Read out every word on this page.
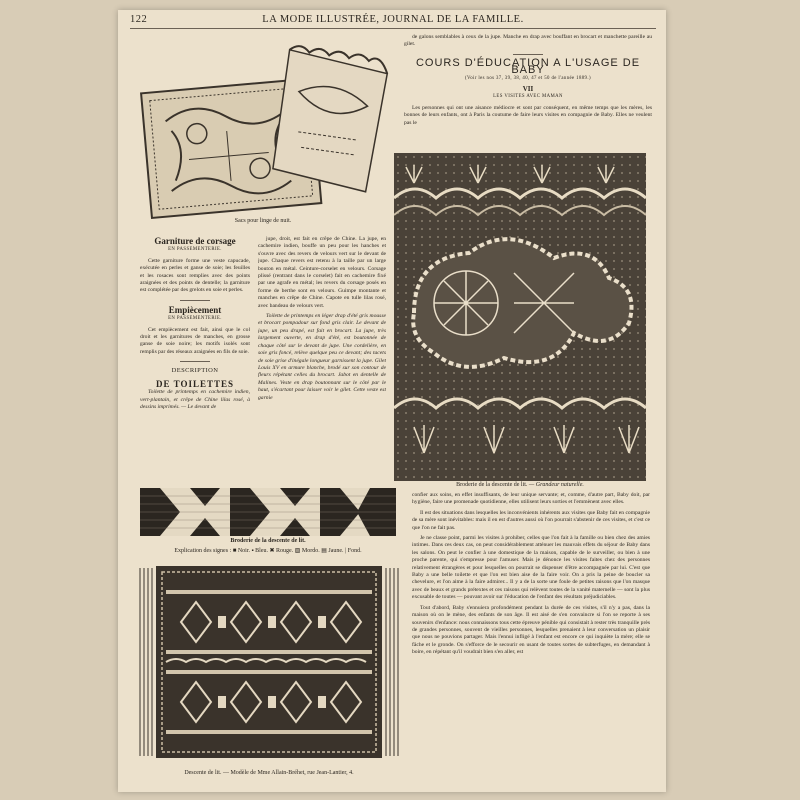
122	LA MODE ILLUSTRÉE, JOURNAL DE LA FAMILLE.
Sacs pour linge de nuit.
Garniture de corsage
EN PASSEMENTERIE.

Cette garniture forme une veste capucade, exécutée en perles et ganse de soie; les feuilles et les rosaces sont remplies avec des points araignées et des points de dentelle; la garniture est complétée par des grelots en soie et perles.

Empiècement
EN PASSEMENTERIE.

Cet empiècement est fait, ainsi que le col droit et les garnitures de manches, en grosse ganse de soie noire; les motifs isolés sont remplis par des réseaux araignées en fils de soie.

DESCRIPTION
DE TOILETTES

Toilette de printemps en cachemire indien, vert-plantain, et crêpe de Chine lilas rosé, à dessins imprimés. — Le devant de

jupe, droit, est fait en crêpe de Chine. La jupe, en cachemire indien, bouffe un peu pour les hanches et s'ouvre avec des revers de velours vert sur le devant de jupe. Chaque revers est retenu à la taille par un large bouton en métal. Ceinture-corselet en velours. Corsage plissé (rentrant dans le corselet) fait en cachemire fixé par une agrafe en métal; les revers du corsage posés en forme de berthe sont en velours. Guimpe montante et manches en crêpe de Chine. Capote en tulle lilas rosé, avec bandeau de velours vert.

Toilette de printemps en léger drap d'été gris mousse et brocart pompadour sur fond gris clair. Le devant de jupe, un peu drapé, est fait en brocart. La jupe, très largement ouverte, en drap d'été, est boutonnée de chaque côté sur le devant de jupe. Une cordelière, en soie gris foncé, relève quelque peu ce devant; des tacets de soie grise d'inégale longueur garnissent la jupe. Gilet Louis XV en armure blanche, brodé sur son contour de fleurs répétant celles du brocart. Jabot en dentelle de Malines. Veste en drap boutonnant sur le côté par le haut, s'écartant pour laisser voir le gilet. Cette veste est garnie

de galons semblables à ceux de la jupe. Manche en drap avec bouffant en brocart et manchette pareille au gilet.

COURS D'ÉDUCATION A L'USAGE DE BABY
(Voir les nos 37, 39, 38, 40, 47 et 50 de l'année 1889.)
VII
LES VISITES AVEC MAMAN

Les personnes qui ont une aisance médiocre et sont par conséquent, en même temps que les mères, les bonnes de leurs enfants, ont à Paris la coutume de faire leurs visites en compagnie de Baby. Elles ne veulent pas le

Broderie de la descente de lit. — Grandeur naturelle.
Broderie de la descente de lit.
Explication des signes : ■ Noir. ▪ Bleu. ✖ Rouge. ▨ Mordo. ▤ Jaune. | Fond.
Descente de lit. — Modèle de Mme Allain-Bréhet, rue Jean-Lantier, 4.

confier aux soins, en effet insuffisants, de leur unique servante; et, comme, d'autre part, Baby doit, par hygiène, faire une promenade quotidienne, elles utilisent leurs sorties et l'emmènent avec elles.

Il est des situations dans lesquelles les inconvénients inhérents aux visites que Baby fait en compagnie de sa mère sont inévitables: mais il en est d'autres aussi où l'on pourrait s'abstenir de ces visites, et c'est ce que l'on ne fait pas.

Je ne classe point, parmi les visites à prohiber, celles que l'on fait à la famille ou bien chez des amies intimes. Dans ces deux cas, on peut considérablement atténuer les mauvais effets du séjour de Baby dans les salons. On peut le confier à une domestique de la maison, capable de le surveiller, ou bien à une proche parente, qui s'empresse pour l'amuser. Mais je dénonce les visites faites chez des personnes relativement étrangères et pour lesquelles on pourrait se dispenser d'être accompagnée par lui. C'est que Baby a une belle toilette et que l'on est bien aise de la faire voir. On a pris la peine de boucler sa chevelure, et l'on aime à la faire admirer... Il y a de la sorte une foule de petites raisons que l'on masque avec de beaux et grands prétextes et ces raisons qui relèvent toutes de la vanité maternelle — sont la plus excusable de toutes — pouvant avoir sur l'éducation de l'enfant des résultats préjudiciables.

Tout d'abord, Baby s'ennuiera profondément pendant la durée de ces visites, s'il n'y a pas, dans la maison où on le mène, des enfants de son âge. Il est aisé de s'en convaincre si l'on se reporte à ses souvenirs d'enfance: nous connaissons tous cette épreuve pénible qui consistait à rester très tranquille près de grandes personnes, souvent de vieilles personnes, lesquelles prenaient à leur conversation un plaisir que nous ne pouvions partager. Mais l'ennui infligé à l'enfant est encore ce qui inquiète la mère; elle se fâche et le gronde. On s'efforce de le secourir en usant de toutes sortes de subterfuges, en demandant à boire, en répétant qu'il voudrait bien s'en aller, est
